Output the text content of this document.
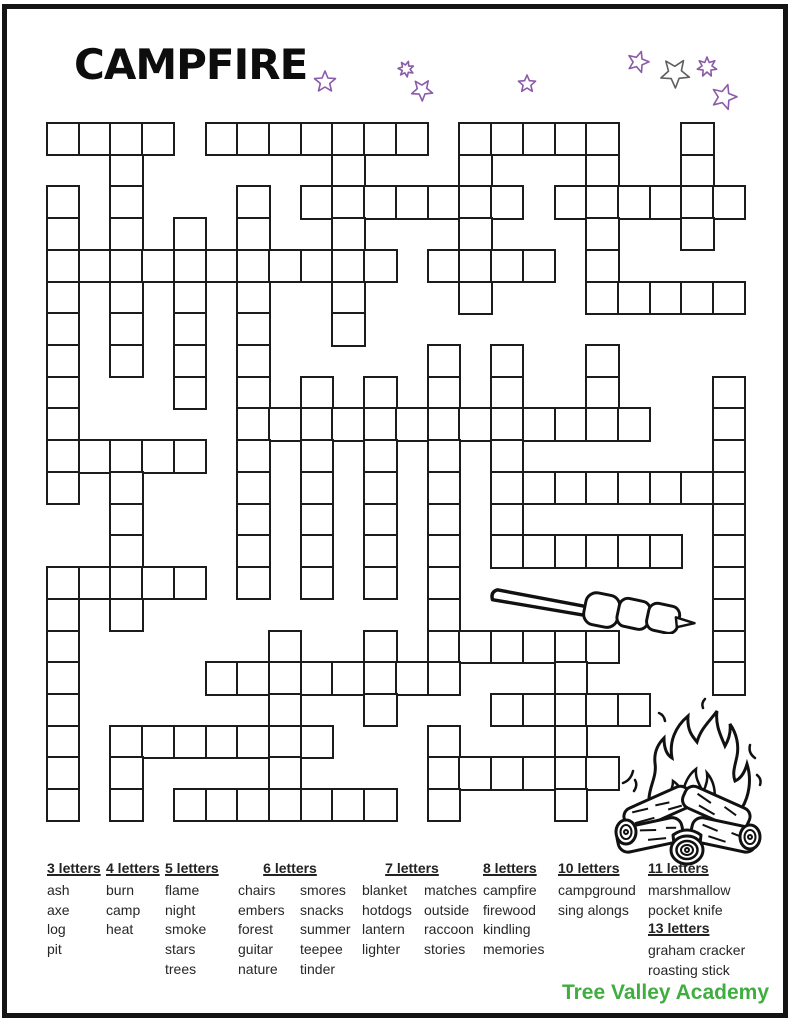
CAMPFIRE
3 letters
ash
axe
log
pit
4 letters
burn
camp
heat
5 letters
flame
night
smoke
stars
trees
6 letters
chairs
embers
forest
guitar
nature
smores
snacks
summer
teepee
tinder
7 letters
blanket
hotdogs
lantern
lighter
matches
outside
raccoon
stories
8 letters
campfire
firewood
kindling
memories
10 letters
campground
sing alongs
11 letters
marshmallow
pocket knife
13 letters
graham cracker
roasting stick
Tree Valley Academy
